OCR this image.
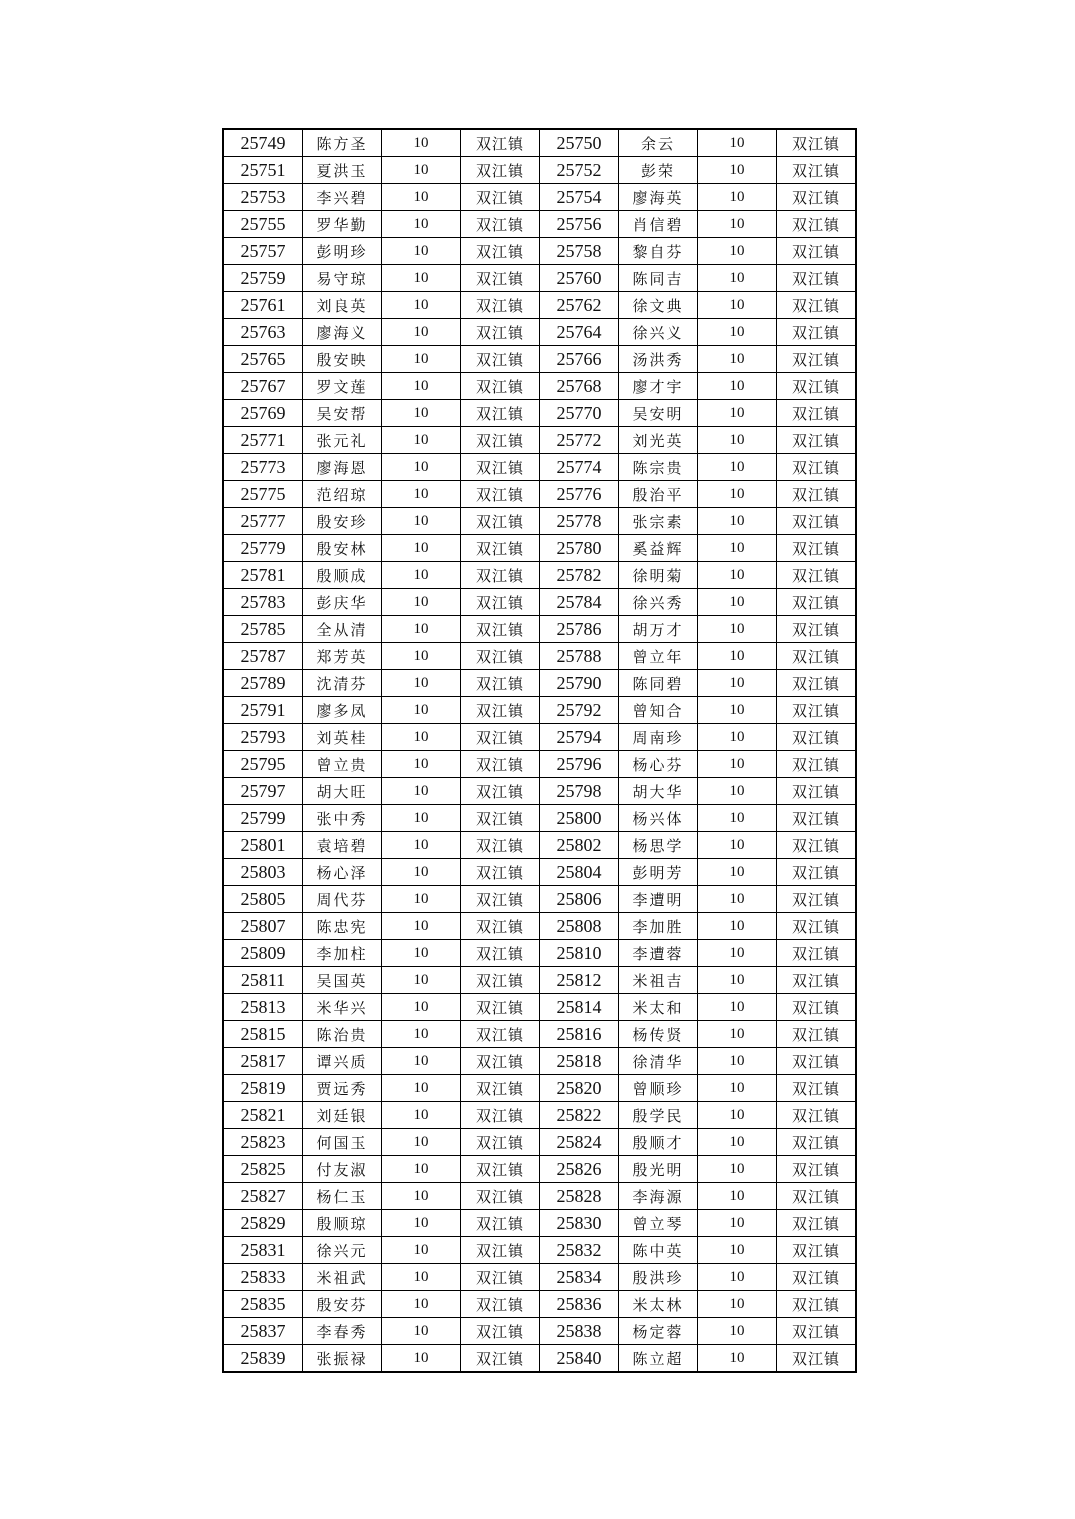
25749	陈方圣	10	双江镇	25750	余云	10	双江镇
25751	夏洪玉	10	双江镇	25752	彭荣	10	双江镇
25753	李兴碧	10	双江镇	25754	廖海英	10	双江镇
25755	罗华勤	10	双江镇	25756	肖信碧	10	双江镇
25757	彭明珍	10	双江镇	25758	黎自芬	10	双江镇
25759	易守琼	10	双江镇	25760	陈同吉	10	双江镇
25761	刘良英	10	双江镇	25762	徐文典	10	双江镇
25763	廖海义	10	双江镇	25764	徐兴义	10	双江镇
25765	殷安映	10	双江镇	25766	汤洪秀	10	双江镇
25767	罗文莲	10	双江镇	25768	廖才宇	10	双江镇
25769	吴安帮	10	双江镇	25770	吴安明	10	双江镇
25771	张元礼	10	双江镇	25772	刘光英	10	双江镇
25773	廖海恩	10	双江镇	25774	陈宗贵	10	双江镇
25775	范绍琼	10	双江镇	25776	殷治平	10	双江镇
25777	殷安珍	10	双江镇	25778	张宗素	10	双江镇
25779	殷安林	10	双江镇	25780	奚益辉	10	双江镇
25781	殷顺成	10	双江镇	25782	徐明菊	10	双江镇
25783	彭庆华	10	双江镇	25784	徐兴秀	10	双江镇
25785	全从清	10	双江镇	25786	胡万才	10	双江镇
25787	郑芳英	10	双江镇	25788	曾立年	10	双江镇
25789	沈清芬	10	双江镇	25790	陈同碧	10	双江镇
25791	廖多凤	10	双江镇	25792	曾知合	10	双江镇
25793	刘英桂	10	双江镇	25794	周南珍	10	双江镇
25795	曾立贵	10	双江镇	25796	杨心芬	10	双江镇
25797	胡大旺	10	双江镇	25798	胡大华	10	双江镇
25799	张中秀	10	双江镇	25800	杨兴体	10	双江镇
25801	袁培碧	10	双江镇	25802	杨思学	10	双江镇
25803	杨心泽	10	双江镇	25804	彭明芳	10	双江镇
25805	周代芬	10	双江镇	25806	李遭明	10	双江镇
25807	陈忠宪	10	双江镇	25808	李加胜	10	双江镇
25809	李加柱	10	双江镇	25810	李遭蓉	10	双江镇
25811	吴国英	10	双江镇	25812	米祖吉	10	双江镇
25813	米华兴	10	双江镇	25814	米太和	10	双江镇
25815	陈治贵	10	双江镇	25816	杨传贤	10	双江镇
25817	谭兴质	10	双江镇	25818	徐清华	10	双江镇
25819	贾远秀	10	双江镇	25820	曾顺珍	10	双江镇
25821	刘廷银	10	双江镇	25822	殷学民	10	双江镇
25823	何国玉	10	双江镇	25824	殷顺才	10	双江镇
25825	付友淑	10	双江镇	25826	殷光明	10	双江镇
25827	杨仁玉	10	双江镇	25828	李海源	10	双江镇
25829	殷顺琼	10	双江镇	25830	曾立琴	10	双江镇
25831	徐兴元	10	双江镇	25832	陈中英	10	双江镇
25833	米祖武	10	双江镇	25834	殷洪珍	10	双江镇
25835	殷安芬	10	双江镇	25836	米太林	10	双江镇
25837	李春秀	10	双江镇	25838	杨定蓉	10	双江镇
25839	张振禄	10	双江镇	25840	陈立超	10	双江镇
